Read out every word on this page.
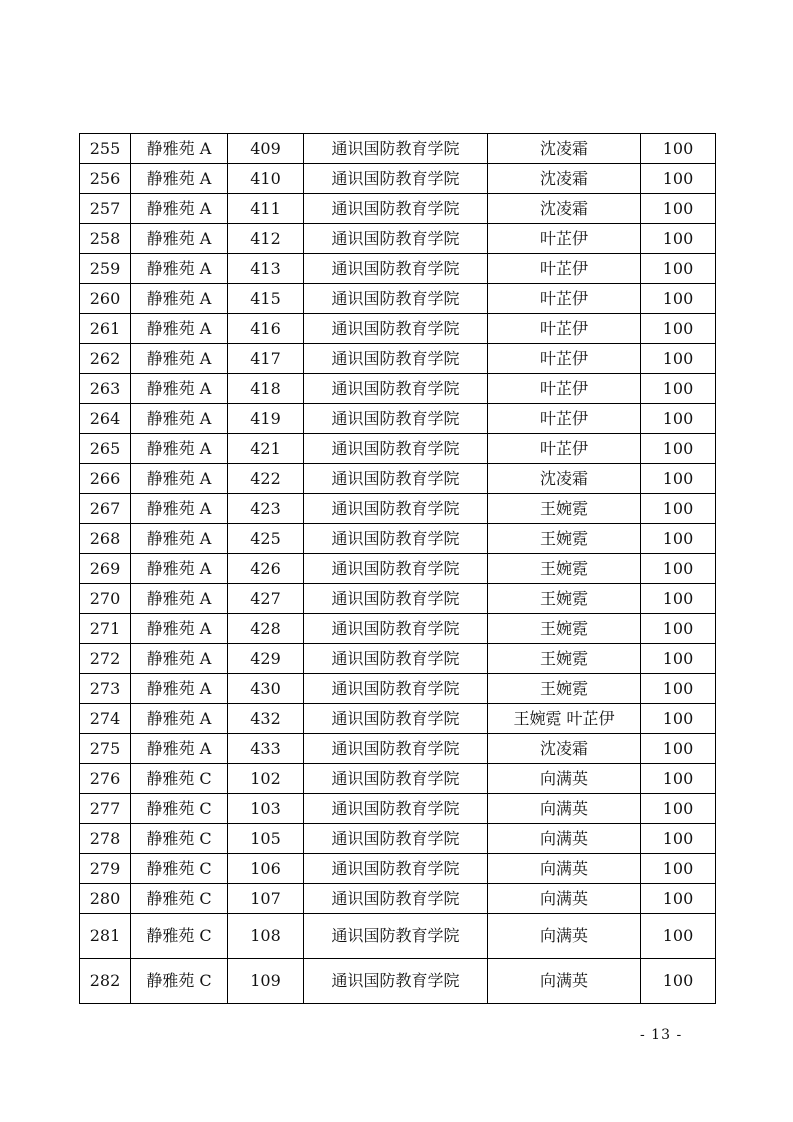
255	静雅苑 A	409	通识国防教育学院	沈凌霜	100
256	静雅苑 A	410	通识国防教育学院	沈凌霜	100
257	静雅苑 A	411	通识国防教育学院	沈凌霜	100
258	静雅苑 A	412	通识国防教育学院	叶芷伊	100
259	静雅苑 A	413	通识国防教育学院	叶芷伊	100
260	静雅苑 A	415	通识国防教育学院	叶芷伊	100
261	静雅苑 A	416	通识国防教育学院	叶芷伊	100
262	静雅苑 A	417	通识国防教育学院	叶芷伊	100
263	静雅苑 A	418	通识国防教育学院	叶芷伊	100
264	静雅苑 A	419	通识国防教育学院	叶芷伊	100
265	静雅苑 A	421	通识国防教育学院	叶芷伊	100
266	静雅苑 A	422	通识国防教育学院	沈凌霜	100
267	静雅苑 A	423	通识国防教育学院	王婉霓	100
268	静雅苑 A	425	通识国防教育学院	王婉霓	100
269	静雅苑 A	426	通识国防教育学院	王婉霓	100
270	静雅苑 A	427	通识国防教育学院	王婉霓	100
271	静雅苑 A	428	通识国防教育学院	王婉霓	100
272	静雅苑 A	429	通识国防教育学院	王婉霓	100
273	静雅苑 A	430	通识国防教育学院	王婉霓	100
274	静雅苑 A	432	通识国防教育学院	王婉霓 叶芷伊	100
275	静雅苑 A	433	通识国防教育学院	沈凌霜	100
276	静雅苑 C	102	通识国防教育学院	向满英	100
277	静雅苑 C	103	通识国防教育学院	向满英	100
278	静雅苑 C	105	通识国防教育学院	向满英	100
279	静雅苑 C	106	通识国防教育学院	向满英	100
280	静雅苑 C	107	通识国防教育学院	向满英	100
281	静雅苑 C	108	通识国防教育学院	向满英	100
282	静雅苑 C	109	通识国防教育学院	向满英	100
- 13 -
